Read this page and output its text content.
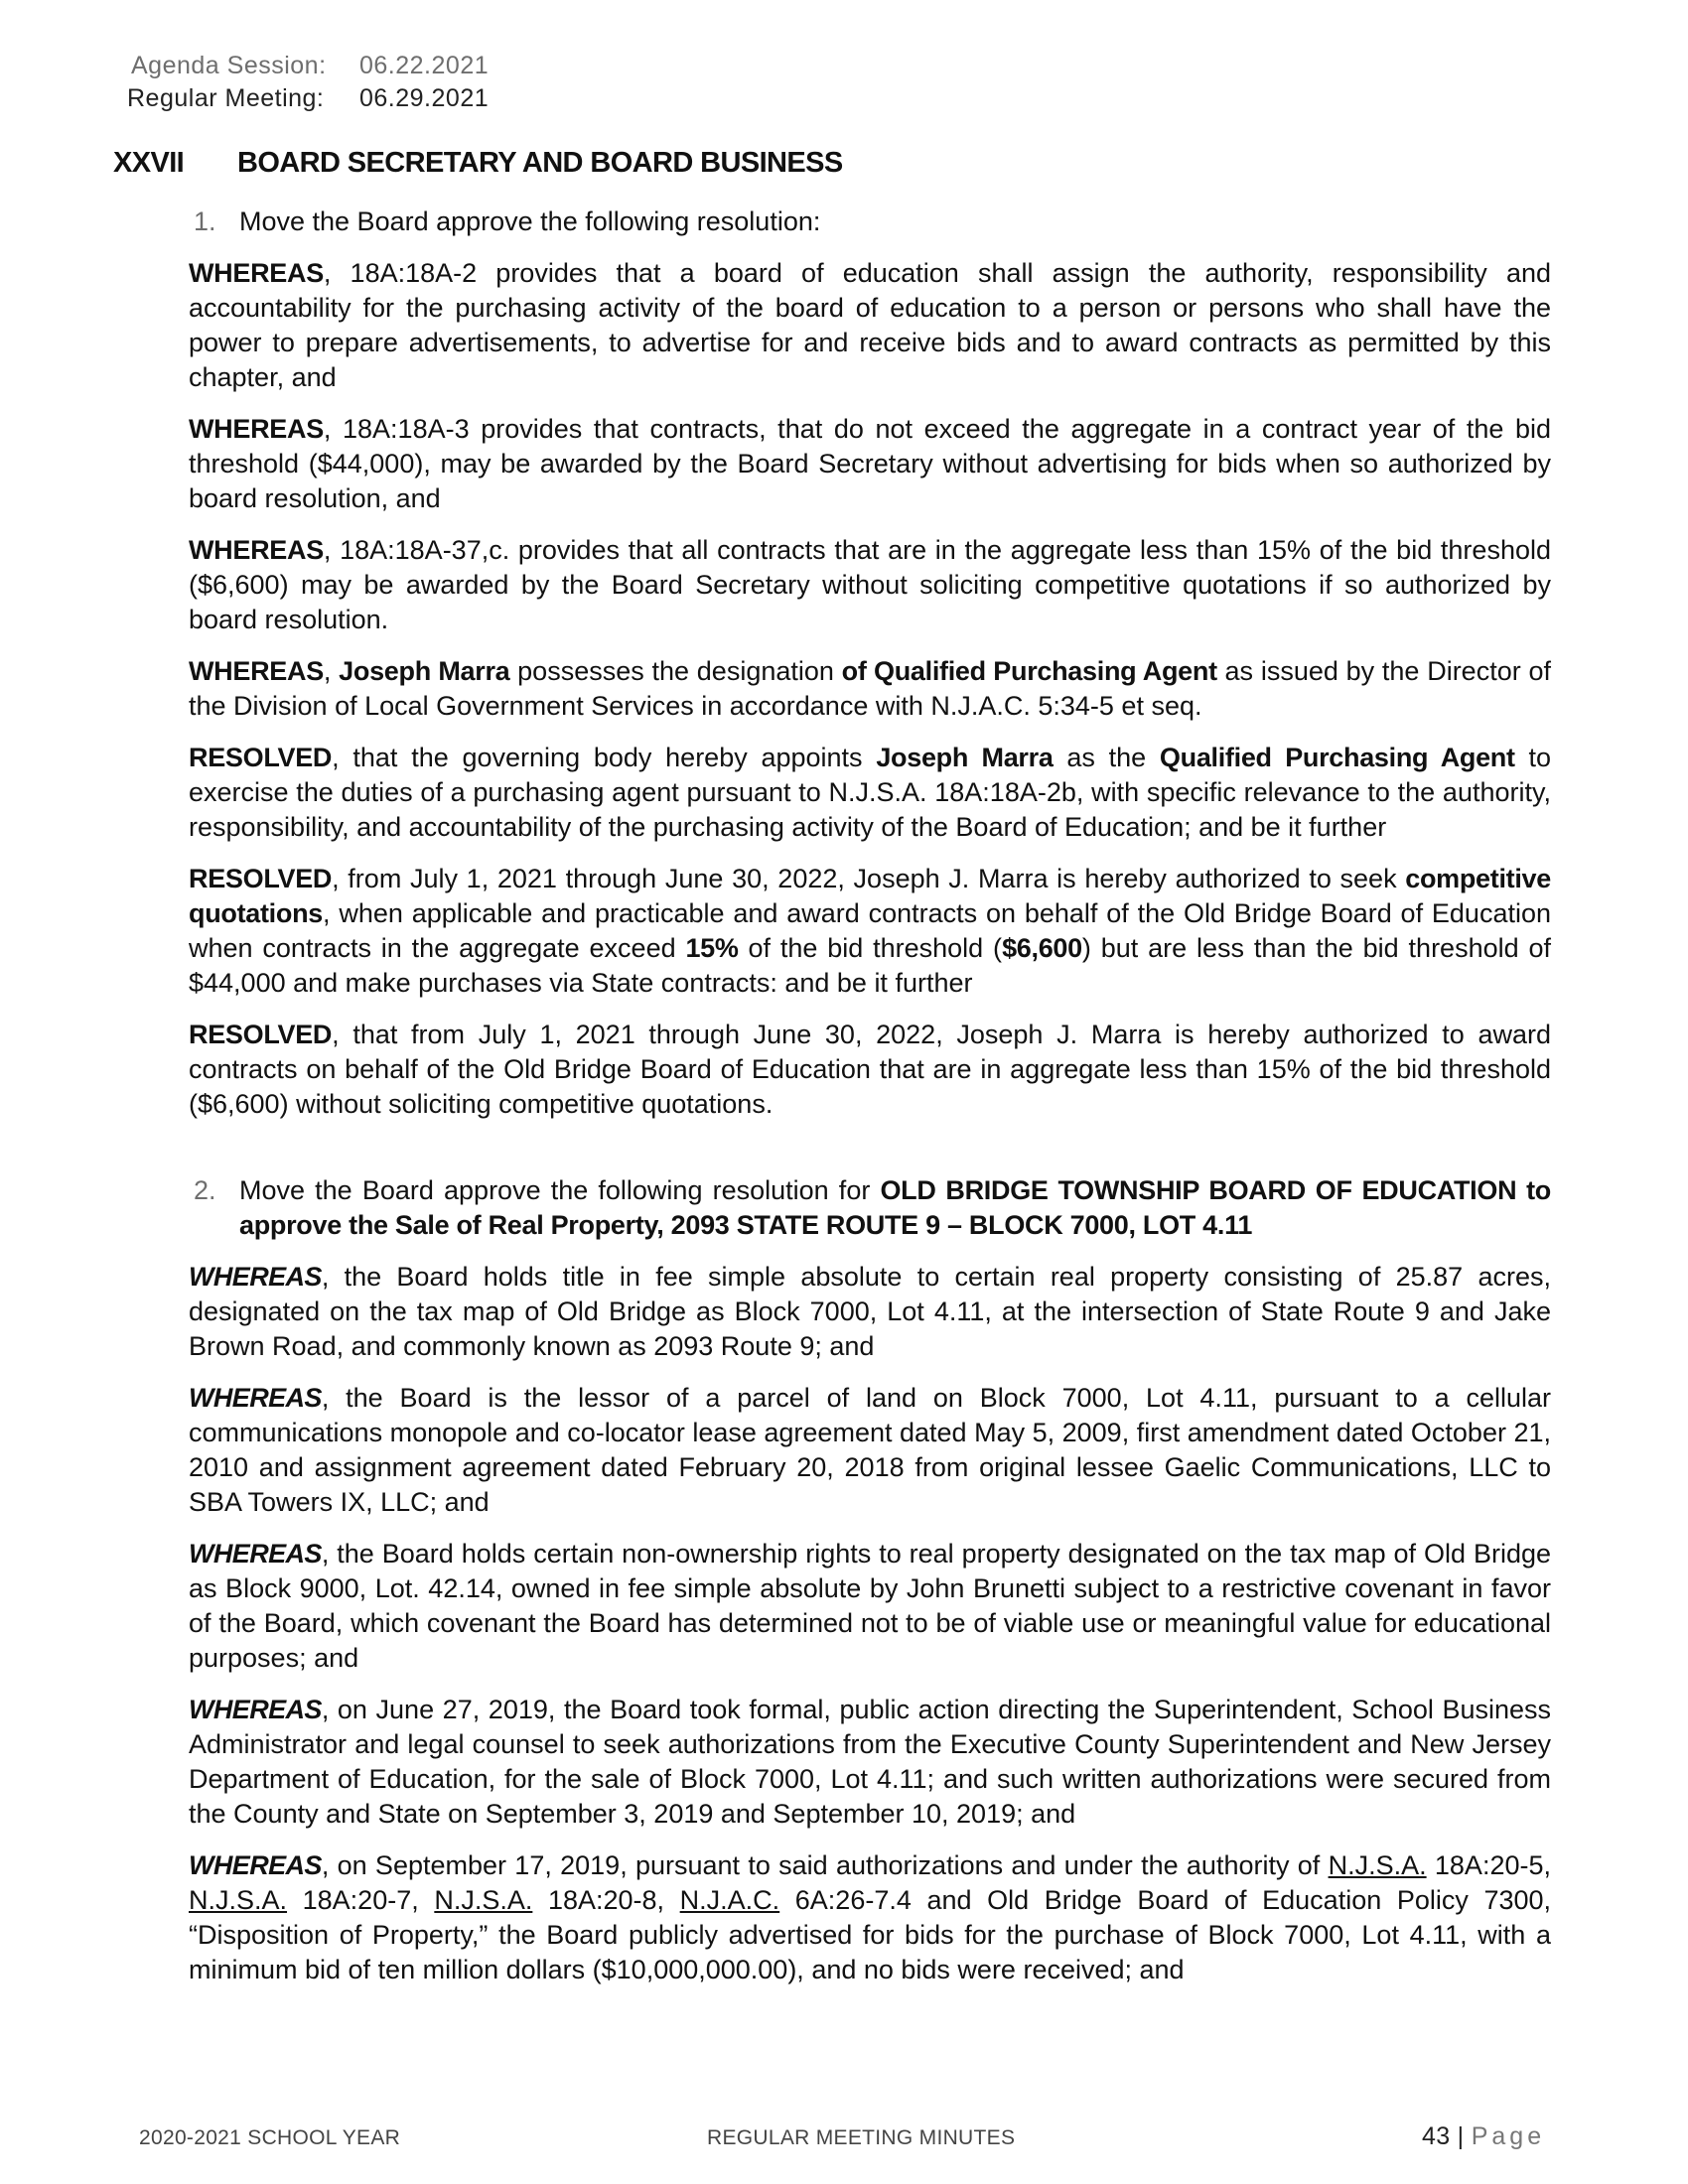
Agenda Session:	06.22.2021
Regular Meeting:	06.29.2021
XXVII	BOARD SECRETARY AND BOARD BUSINESS
1. Move the Board approve the following resolution:
WHEREAS, 18A:18A-2 provides that a board of education shall assign the authority, responsibility and accountability for the purchasing activity of the board of education to a person or persons who shall have the power to prepare advertisements, to advertise for and receive bids and to award contracts as permitted by this chapter, and
WHEREAS, 18A:18A-3 provides that contracts, that do not exceed the aggregate in a contract year of the bid threshold ($44,000), may be awarded by the Board Secretary without advertising for bids when so authorized by board resolution, and
WHEREAS, 18A:18A-37,c. provides that all contracts that are in the aggregate less than 15% of the bid threshold ($6,600) may be awarded by the Board Secretary without soliciting competitive quotations if so authorized by board resolution.
WHEREAS, Joseph Marra possesses the designation of Qualified Purchasing Agent as issued by the Director of the Division of Local Government Services in accordance with N.J.A.C. 5:34-5 et seq.
RESOLVED, that the governing body hereby appoints Joseph Marra as the Qualified Purchasing Agent to exercise the duties of a purchasing agent pursuant to N.J.S.A. 18A:18A-2b, with specific relevance to the authority, responsibility, and accountability of the purchasing activity of the Board of Education; and be it further
RESOLVED, from July 1, 2021 through June 30, 2022, Joseph J. Marra is hereby authorized to seek competitive quotations, when applicable and practicable and award contracts on behalf of the Old Bridge Board of Education when contracts in the aggregate exceed 15% of the bid threshold ($6,600) but are less than the bid threshold of $44,000 and make purchases via State contracts: and be it further
RESOLVED, that from July 1, 2021 through June 30, 2022, Joseph J. Marra is hereby authorized to award contracts on behalf of the Old Bridge Board of Education that are in aggregate less than 15% of the bid threshold ($6,600) without soliciting competitive quotations.
2. Move the Board approve the following resolution for OLD BRIDGE TOWNSHIP BOARD OF EDUCATION to approve the Sale of Real Property, 2093 STATE ROUTE 9 – BLOCK 7000, LOT 4.11
WHEREAS, the Board holds title in fee simple absolute to certain real property consisting of 25.87 acres, designated on the tax map of Old Bridge as Block 7000, Lot 4.11, at the intersection of State Route 9 and Jake Brown Road, and commonly known as 2093 Route 9; and
WHEREAS, the Board is the lessor of a parcel of land on Block 7000, Lot 4.11, pursuant to a cellular communications monopole and co-locator lease agreement dated May 5, 2009, first amendment dated October 21, 2010 and assignment agreement dated February 20, 2018 from original lessee Gaelic Communications, LLC to SBA Towers IX, LLC; and
WHEREAS, the Board holds certain non-ownership rights to real property designated on the tax map of Old Bridge as Block 9000, Lot. 42.14, owned in fee simple absolute by John Brunetti subject to a restrictive covenant in favor of the Board, which covenant the Board has determined not to be of viable use or meaningful value for educational purposes; and
WHEREAS, on June 27, 2019, the Board took formal, public action directing the Superintendent, School Business Administrator and legal counsel to seek authorizations from the Executive County Superintendent and New Jersey Department of Education, for the sale of Block 7000, Lot 4.11; and such written authorizations were secured from the County and State on September 3, 2019 and September 10, 2019; and
WHEREAS, on September 17, 2019, pursuant to said authorizations and under the authority of N.J.S.A. 18A:20-5, N.J.S.A. 18A:20-7, N.J.S.A. 18A:20-8, N.J.A.C. 6A:26-7.4 and Old Bridge Board of Education Policy 7300, “Disposition of Property,” the Board publicly advertised for bids for the purchase of Block 7000, Lot 4.11, with a minimum bid of ten million dollars ($10,000,000.00), and no bids were received; and
2020-2021 SCHOOL YEAR	REGULAR MEETING MINUTES	43 | Page
